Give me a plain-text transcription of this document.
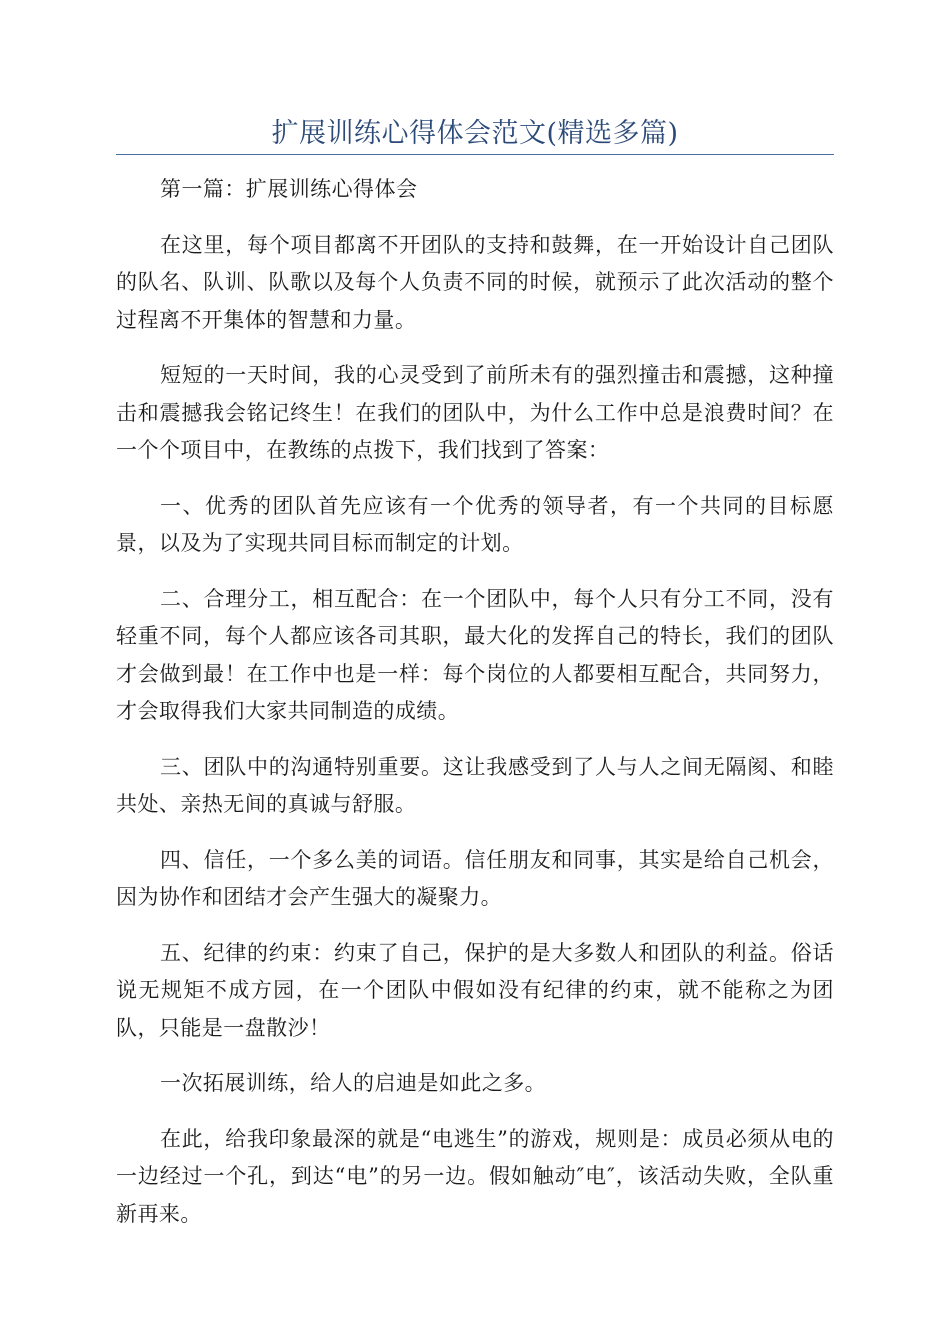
扩展训练心得体会范文(精选多篇)

第一篇：扩展训练心得体会

在这里，每个项目都离不开团队的支持和鼓舞，在一开始设计自己团队的队名、队训、队歌以及每个人负责不同的时候，就预示了此次活动的整个过程离不开集体的智慧和力量。

短短的一天时间，我的心灵受到了前所未有的强烈撞击和震撼，这种撞击和震撼我会铭记终生！在我们的团队中，为什么工作中总是浪费时间？在一个个项目中，在教练的点拨下，我们找到了答案：

一、优秀的团队首先应该有一个优秀的领导者，有一个共同的目标愿景，以及为了实现共同目标而制定的计划。

二、合理分工，相互配合：在一个团队中，每个人只有分工不同，没有轻重不同，每个人都应该各司其职，最大化的发挥自己的特长，我们的团队才会做到最！在工作中也是一样：每个岗位的人都要相互配合，共同努力，才会取得我们大家共同制造的成绩。

三、团队中的沟通特别重要。这让我感受到了人与人之间无隔阂、和睦共处、亲热无间的真诚与舒服。

四、信任，一个多么美的词语。信任朋友和同事，其实是给自己机会，因为协作和团结才会产生强大的凝聚力。

五、纪律的约束：约束了自己，保护的是大多数人和团队的利益。俗话说无规矩不成方园，在一个团队中假如没有纪律的约束，就不能称之为团队，只能是一盘散沙！

一次拓展训练，给人的启迪是如此之多。

在此，给我印象最深的就是“电逃生”的游戏，规则是：成员必须从电的一边经过一个孔，到达“电”的另一边。假如触动″电″，该活动失败，全队重新再来。
